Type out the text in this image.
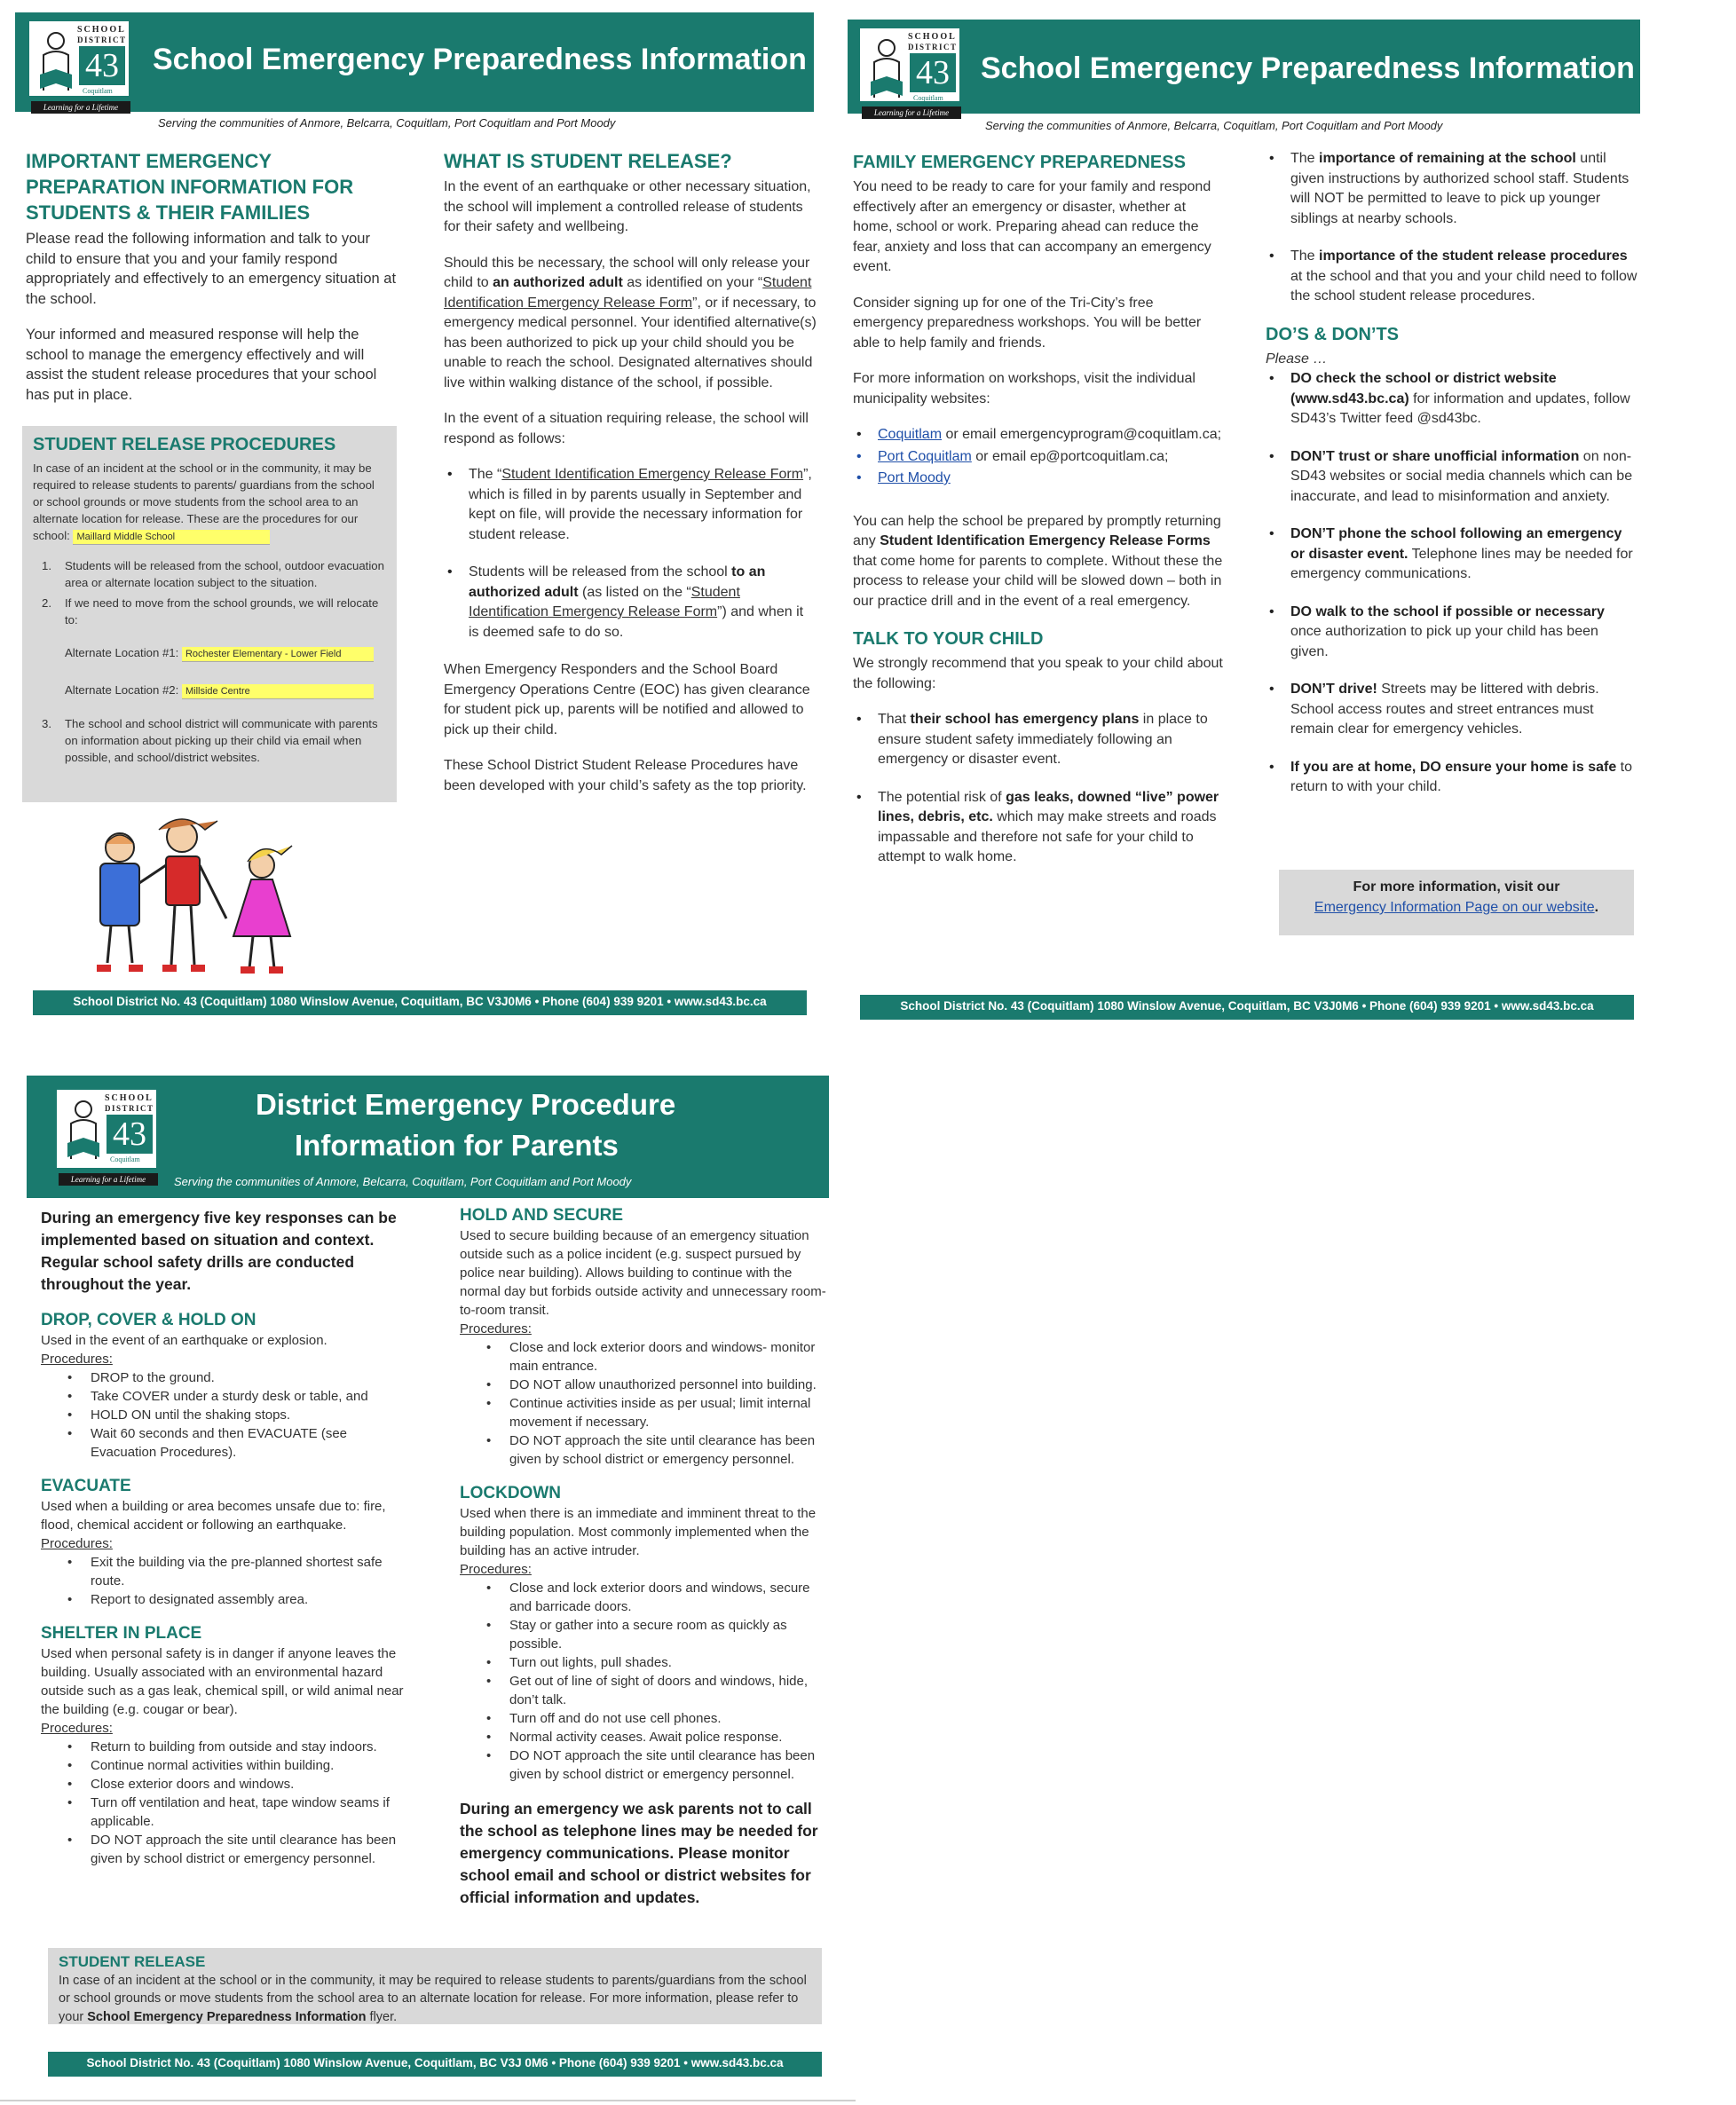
SCHOOL
DISTRICT
43
Coquitlam
Learning for a Lifetime
School Emergency Preparedness Information
Serving the communities of Anmore, Belcarra, Coquitlam, Port Coquitlam and Port Moody
IMPORTANT EMERGENCY PREPARATION INFORMATION FOR STUDENTS & THEIR FAMILIES

Please read the following information and talk to your child to ensure that you and your family respond appropriately and effectively to an emergency situation at the school.

Your informed and measured response will help the school to manage the emergency effectively and will assist the student release procedures that your school has put in place.

STUDENT RELEASE PROCEDURES
In case of an incident at the school or in the community, it may be required to release students to parents/ guardians from the school or school grounds or move students from the school area to an alternate location for release. These are the procedures for our school: Maillard Middle School
1. Students will be released from the school, outdoor evacuation area or alternate location subject to the situation.
2. If we need to move from the school grounds, we will relocate to:
Alternate Location #1: Rochester Elementary - Lower Field
Alternate Location #2: Millside Centre
3. The school and school district will communicate with parents on information about picking up their child via email when possible, and school/district websites.
WHAT IS STUDENT RELEASE?

In the event of an earthquake or other necessary situation, the school will implement a controlled release of students for their safety and wellbeing.

Should this be necessary, the school will only release your child to an authorized adult as identified on your “Student Identification Emergency Release Form”, or if necessary, to emergency medical personnel. Your identified alternative(s) has been authorized to pick up your child should you be unable to reach the school. Designated alternatives should live within walking distance of the school, if possible.

In the event of a situation requiring release, the school will respond as follows:

• The “Student Identification Emergency Release Form”, which is filled in by parents usually in September and kept on file, will provide the necessary information for student release.
• Students will be released from the school to an authorized adult (as listed on the “Student Identification Emergency Release Form”) and when it is deemed safe to do so.

When Emergency Responders and the School Board Emergency Operations Centre (EOC) has given clearance for student pick up, parents will be notified and allowed to pick up their child.

These School District Student Release Procedures have been developed with your child’s safety as the top priority.

School District No. 43 (Coquitlam) 1080 Winslow Avenue, Coquitlam, BC V3J0M6 • Phone (604) 939 9201 • www.sd43.bc.ca
SCHOOL
DISTRICT
43
Coquitlam
Learning for a Lifetime
School Emergency Preparedness Information
Serving the communities of Anmore, Belcarra, Coquitlam, Port Coquitlam and Port Moody
FAMILY EMERGENCY PREPAREDNESS

You need to be ready to care for your family and respond effectively after an emergency or disaster, whether at home, school or work. Preparing ahead can reduce the fear, anxiety and loss that can accompany an emergency event.

Consider signing up for one of the Tri-City’s free emergency preparedness workshops. You will be better able to help family and friends.

For more information on workshops, visit the individual municipality websites:

• Coquitlam or email emergencyprogram@coquitlam.ca;
• Port Coquitlam or email ep@portcoquitlam.ca;
• Port Moody

You can help the school be prepared by promptly returning any Student Identification Emergency Release Forms that come home for parents to complete. Without these the process to release your child will be slowed down – both in our practice drill and in the event of a real emergency.

TALK TO YOUR CHILD

We strongly recommend that you speak to your child about the following:

• That their school has emergency plans in place to ensure student safety immediately following an emergency or disaster event.
• The potential risk of gas leaks, downed “live” power lines, debris, etc. which may make streets and roads impassable and therefore not safe for your child to attempt to walk home.
• The importance of remaining at the school until given instructions by authorized school staff. Students will NOT be permitted to leave to pick up younger siblings at nearby schools.
• The importance of the student release procedures at the school and that you and your child need to follow the school student release procedures.
DO’S & DON’TS
Please …
• DO check the school or district website (www.sd43.bc.ca) for information and updates, follow SD43’s Twitter feed @sd43bc.
• DON’T trust or share unofficial information on non-SD43 websites or social media channels which can be inaccurate, and lead to misinformation and anxiety.
• DON’T phone the school following an emergency or disaster event. Telephone lines may be needed for emergency communications.
• DO walk to the school if possible or necessary once authorization to pick up your child has been given.
• DON’T drive! Streets may be littered with debris. School access routes and street entrances must remain clear for emergency vehicles.
• If you are at home, DO ensure your home is safe to return to with your child.
For more information, visit our
Emergency Information Page on our website.
School District No. 43 (Coquitlam) 1080 Winslow Avenue, Coquitlam, BC V3J0M6 • Phone (604) 939 9201 • www.sd43.bc.ca
SCHOOL
DISTRICT
43
Coquitlam
Learning for a Lifetime
District Emergency Procedure
Information for Parents
Serving the communities of Anmore, Belcarra, Coquitlam, Port Coquitlam and Port Moody
During an emergency five key responses can be implemented based on situation and context. Regular school safety drills are conducted throughout the year.
DROP, COVER & HOLD ON
Used in the event of an earthquake or explosion.
Procedures:
• DROP to the ground.
• Take COVER under a sturdy desk or table, and
• HOLD ON until the shaking stops.
• Wait 60 seconds and then EVACUATE (see Evacuation Procedures).
EVACUATE
Used when a building or area becomes unsafe due to: fire, flood, chemical accident or following an earthquake.
Procedures:
• Exit the building via the pre-planned shortest safe route.
• Report to designated assembly area.
SHELTER IN PLACE
Used when personal safety is in danger if anyone leaves the building. Usually associated with an environmental hazard outside such as a gas leak, chemical spill, or wild animal near the building (e.g. cougar or bear).
Procedures:
• Return to building from outside and stay indoors.
• Continue normal activities within building.
• Close exterior doors and windows.
• Turn off ventilation and heat, tape window seams if applicable.
• DO NOT approach the site until clearance has been given by school district or emergency personnel.
HOLD AND SECURE
Used to secure building because of an emergency situation outside such as a police incident (e.g. suspect pursued by police near building). Allows building to continue with the normal day but forbids outside activity and unnecessary room-to-room transit.
Procedures:
• Close and lock exterior doors and windows- monitor main entrance.
• DO NOT allow unauthorized personnel into building.
• Continue activities inside as per usual; limit internal movement if necessary.
• DO NOT approach the site until clearance has been given by school district or emergency personnel.
LOCKDOWN
Used when there is an immediate and imminent threat to the building population. Most commonly implemented when the building has an active intruder.
Procedures:
• Close and lock exterior doors and windows, secure and barricade doors.
• Stay or gather into a secure room as quickly as possible.
• Turn out lights, pull shades.
• Get out of line of sight of doors and windows, hide, don’t talk.
• Turn off and do not use cell phones.
• Normal activity ceases. Await police response.
• DO NOT approach the site until clearance has been given by school district or emergency personnel.
During an emergency we ask parents not to call the school as telephone lines may be needed for emergency communications. Please monitor school email and school or district websites for official information and updates.
STUDENT RELEASE
In case of an incident at the school or in the community, it may be required to release students to parents/guardians from the school or school grounds or move students from the school area to an alternate location for release. For more information, please refer to your School Emergency Preparedness Information flyer.
School District No. 43 (Coquitlam) 1080 Winslow Avenue, Coquitlam, BC V3J 0M6 • Phone (604) 939 9201 • www.sd43.bc.ca
